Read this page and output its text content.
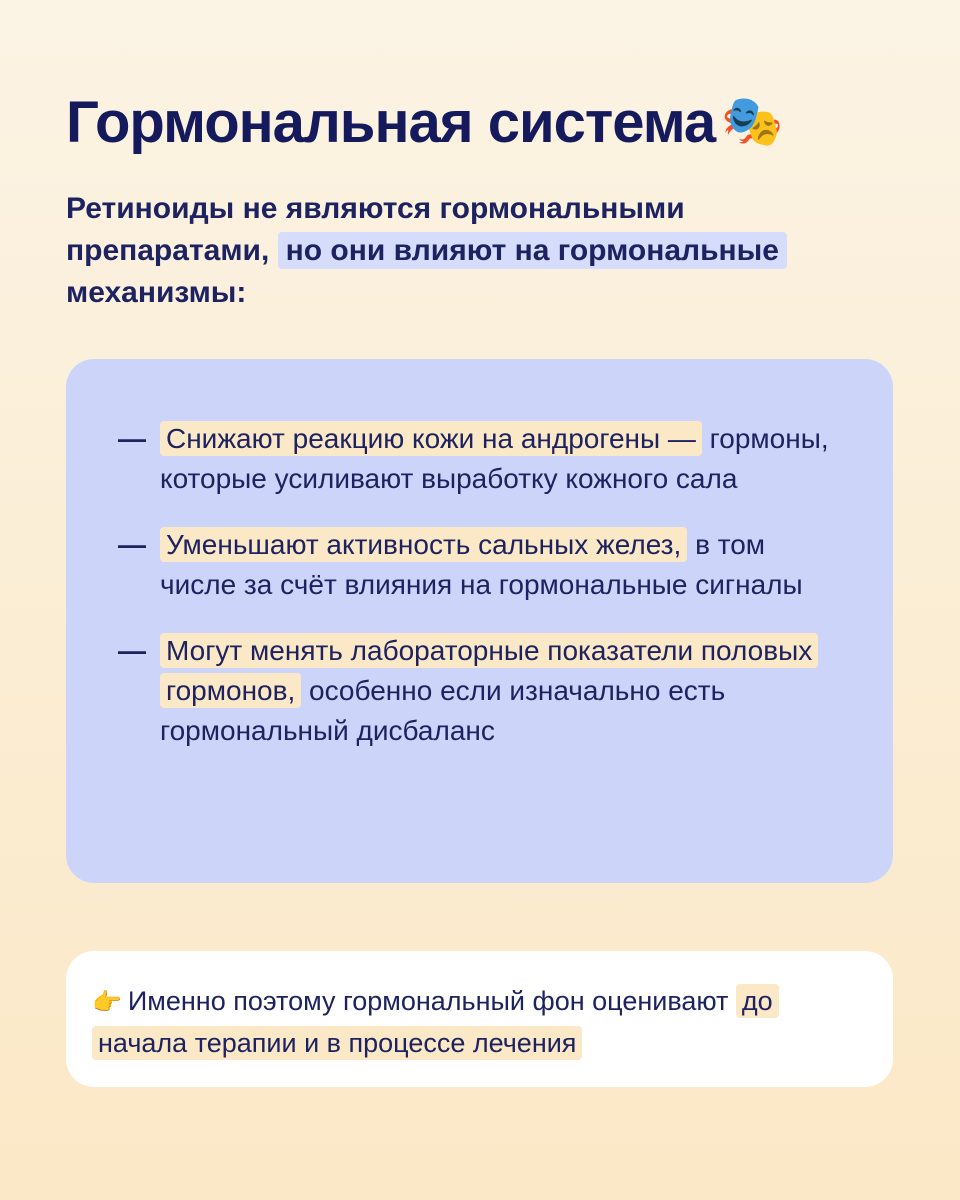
Гормональная система 🎭

Ретиноиды не являются гормональными препаратами, но они влияют на гормональные механизмы:

— Снижают реакцию кожи на андрогены — гормоны, которые усиливают выработку кожного сала
— Уменьшают активность сальных желез, в том числе за счёт влияния на гормональные сигналы
— Могут менять лабораторные показатели половых гормонов, особенно если изначально есть гормональный дисбаланс

👉 Именно поэтому гормональный фон оценивают до начала терапии и в процессе лечения
